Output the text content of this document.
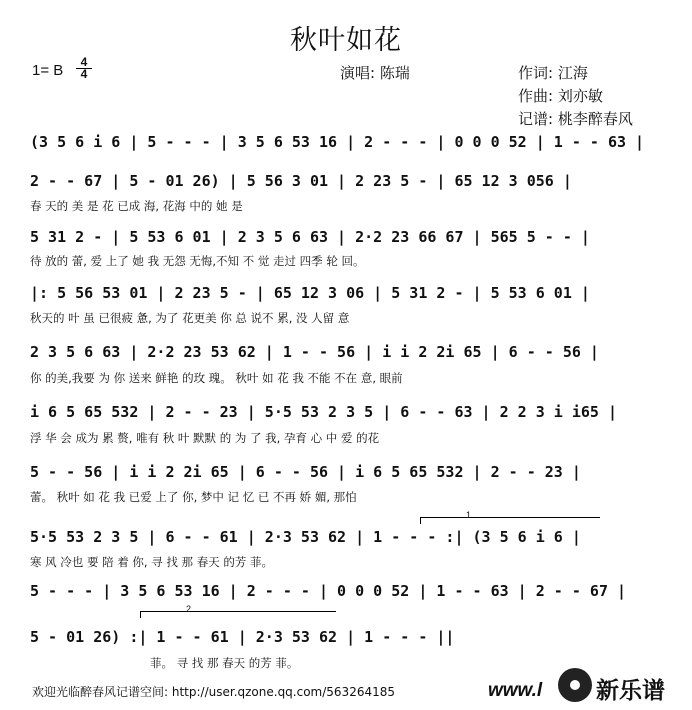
秋叶如花
1= B	4
4	演唱: 陈瑞	作词: 江海
作曲: 刘亦敏
记谱: 桃李醉春风
(3 5 6 i 6 | 5 - - - | 3 5 6 53 16 | 2 - - - | 0 0 0 52 | 1 - - 63 |
2 - - 67 | 5 - 01 26) | 5 56 3 01 | 2 23 5 - | 65 12 3 056 |
春 天的 美 是 花 已成 海, 花海 中的 她 是
5 31 2 - | 5 53 6 01 | 2 3 5 6 63 | 2·2 23 66 67 | 565 5 - - |
待 放的 蕾, 爱 上了 她 我 无怨 无悔,不知 不 觉 走过 四季 轮 回。
|: 5 56 53 01 | 2 23 5 - | 65 12 3 06 | 5 31 2 - | 5 53 6 01 |
秋天的 叶 虽 已很疲 惫, 为了 花更美 你 总 说不 累, 没 人留 意
2 3 5 6 63 | 2·2 23 53 62 | 1 - - 56 | i i 2 2i 65 | 6 - - 56 |
你 的美,我要 为 你 送来 鲜艳 的玫 瑰。 秋叶 如 花 我 不能 不在 意, 眼前
i 6 5 65 532 | 2 - - 23 | 5·5 53 2 3 5 | 6 - - 63 | 2 2 3 i i65 |
浮 华 会 成为 累 赘, 唯有 秋 叶 默默 的 为 了 我, 孕育 心 中 爱 的花
5 - - 56 | i i 2 2i 65 | 6 - - 56 | i 6 5 65 532 | 2 - - 23 |
蕾。 秋叶 如 花 我 已爱 上了 你, 梦中 记 忆 已 不再 娇 媚, 那怕
1
5·5 53 2 3 5 | 6 - - 61 | 2·3 53 62 | 1 - - - :| (3 5 6 i 6 |
寒 风 冷也 要 陪 着 你, 寻 找 那 春天 的芳 菲。
5 - - - | 3 5 6 53 16 | 2 - - - | 0 0 0 52 | 1 - - 63 | 2 - - 67 |
2
5 - 01 26) :| 1 - - 61 | 2·3 53 62 | 1 - - - ||
菲。 寻 找 那 春天 的芳 菲。
欢迎光临醉春风记谱空间: http://user.qzone.qq.com/563264185	www.l 新乐谱
